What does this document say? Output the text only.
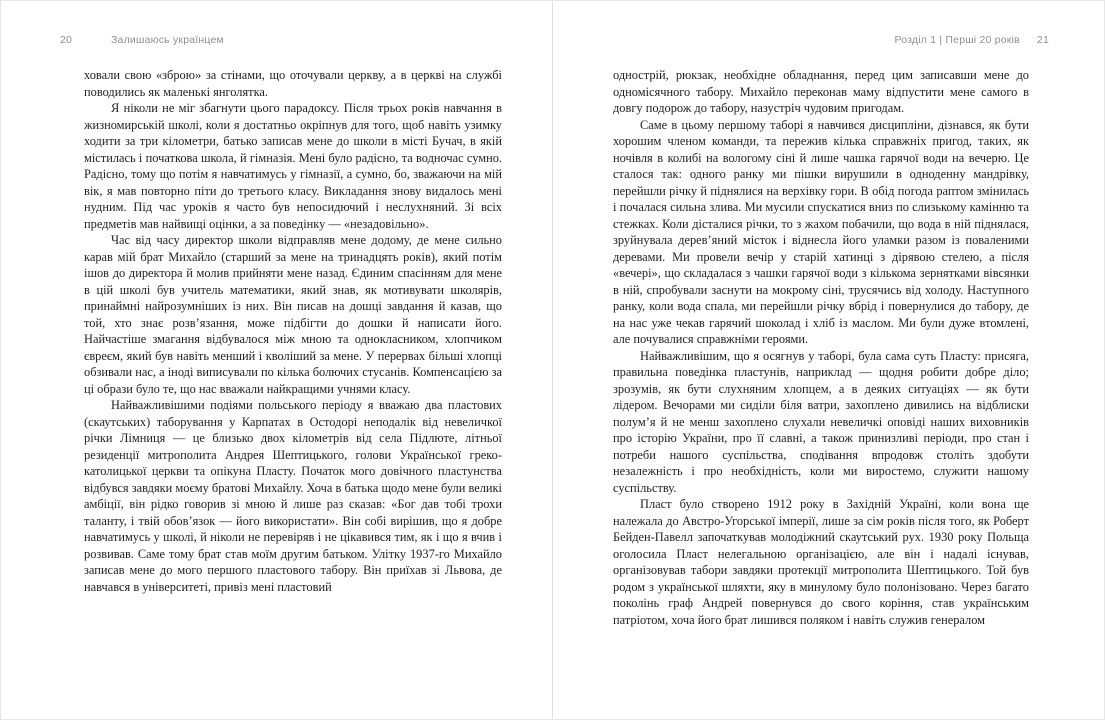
20	Залишаюсь українцем

ховали свою «зброю» за стінами, що оточували церкву, а в церкві на службі поводились як маленькі янголятка.

Я ніколи не міг збагнути цього парадоксу. Після трьох років навчання в жизномирській школі, коли я достатньо окріпнув для того, щоб навіть узимку ходити за три кілометри, батько записав мене до школи в місті Бучач, в якій містилась і початкова школа, й гімназія. Мені було радісно, та водночас сумно. Радісно, тому що потім я навчатимусь у гімназії, а сумно, бо, зважаючи на мій вік, я мав повторно піти до третього класу. Викладання знову видалось мені нудним. Під час уроків я часто був непосидючий і неслухняний. Зі всіх предметів мав найвищі оцінки, а за поведінку — «незадовільно».

Час від часу директор школи відправляв мене додому, де мене сильно карав мій брат Михайло (старший за мене на тринадцять років), який потім ішов до директора й молив прийняти мене назад. Єдиним спасінням для мене в цій школі був учитель математики, який знав, як мотивувати школярів, принаймні найрозумніших із них. Він писав на дошці завдання й казав, що той, хто знає розв’язання, може підбігти до дошки й написати його. Найчастіше змагання відбувалося між мною та однокласником, хлопчиком євреєм, який був навіть менший і кволіший за мене. У перервах більші хлопці обзивали нас, а іноді виписували по кілька болючих стусанів. Компенсацією за ці образи було те, що нас вважали найкращими учнями класу.

Найважливішими подіями польського періоду я вважаю два пластових (скаутських) таборування у Карпатах в Остодорі неподалік від невеличкої річки Лімниця — це близько двох кілометрів від села Підлюте, літньої резиденції митрополита Андрея Шептицького, голови Української греко-католицької церкви та опікуна Пласту. Початок мого довічного пластунства відбувся завдяки моєму братові Михайлу. Хоча в батька щодо мене були великі амбіції, він рідко говорив зі мною й лише раз сказав: «Бог дав тобі трохи таланту, і твій обов’язок — його використати». Він собі вирішив, що я добре навчатимусь у школі, й ніколи не перевіряв і не цікавився тим, як і що я вчив і розвивав. Саме тому брат став моїм другим батьком. Улітку 1937-го Михайло записав мене до мого першого пластового табору. Він приїхав зі Львова, де навчався в університеті, привіз мені пластовий

Розділ 1 | Перші 20 років 21

однострій, рюкзак, необхідне обладнання, перед цим записавши мене до одномісячного табору. Михайло переконав маму відпустити мене самого в довгу подорож до табору, назустріч чудовим пригодам.

Саме в цьому першому таборі я навчився дисципліни, дізнався, як бути хорошим членом команди, та пережив кілька справжніх пригод, таких, як ночівля в колибі на вологому сіні й лише чашка гарячої води на вечерю. Це сталося так: одного ранку ми пішки вирушили в одноденну мандрівку, перейшли річку й піднялися на верхівку гори. В обід погода раптом змінилась і почалася сильна злива. Ми мусили спускатися вниз по слизькому камінню та стежках. Коли дісталися річки, то з жахом побачили, що вода в ній піднялася, зруйнувала дерев’яний місток і віднесла його уламки разом із поваленими деревами. Ми провели вечір у старій хатинці з дірявою стелею, а після «вечері», що складалася з чашки гарячої води з кількома зернятками вівсянки в ній, спробували заснути на мокрому сіні, трусячись від холоду. Наступного ранку, коли вода спала, ми перейшли річку вбрід і повернулися до табору, де на нас уже чекав гарячий шоколад і хліб із маслом. Ми були дуже втомлені, але почувалися справжніми героями.

Найважливішим, що я осягнув у таборі, була сама суть Пласту: присяга, правильна поведінка пластунів, наприклад — щодня робити добре діло; зрозумів, як бути слухняним хлопцем, а в деяких ситуаціях — як бути лідером. Вечорами ми сиділи біля ватри, захоплено дивились на відблиски полум’я й не менш захоплено слухали невеличкі оповіді наших виховників про історію України, про її славні, а також принизливі періоди, про стан і потреби нашого суспільства, сподівання впродовж століть здобути незалежність і про необхідність, коли ми виростемо, служити нашому суспільству.

Пласт було створено 1912 року в Західній Україні, коли вона ще належала до Австро-Угорської імперії, лише за сім років після того, як Роберт Бейден-Павелл започаткував молодіжний скаутський рух. 1930 року Польща оголосила Пласт нелегальною організацією, але він і надалі існував, організовував табори завдяки протекції митрополита Шептицького. Той був родом з української шляхти, яку в минулому було полонізовано. Через багато поколінь граф Андрей повернувся до свого коріння, став українським патріотом, хоча його брат лишився поляком і навіть служив генералом
